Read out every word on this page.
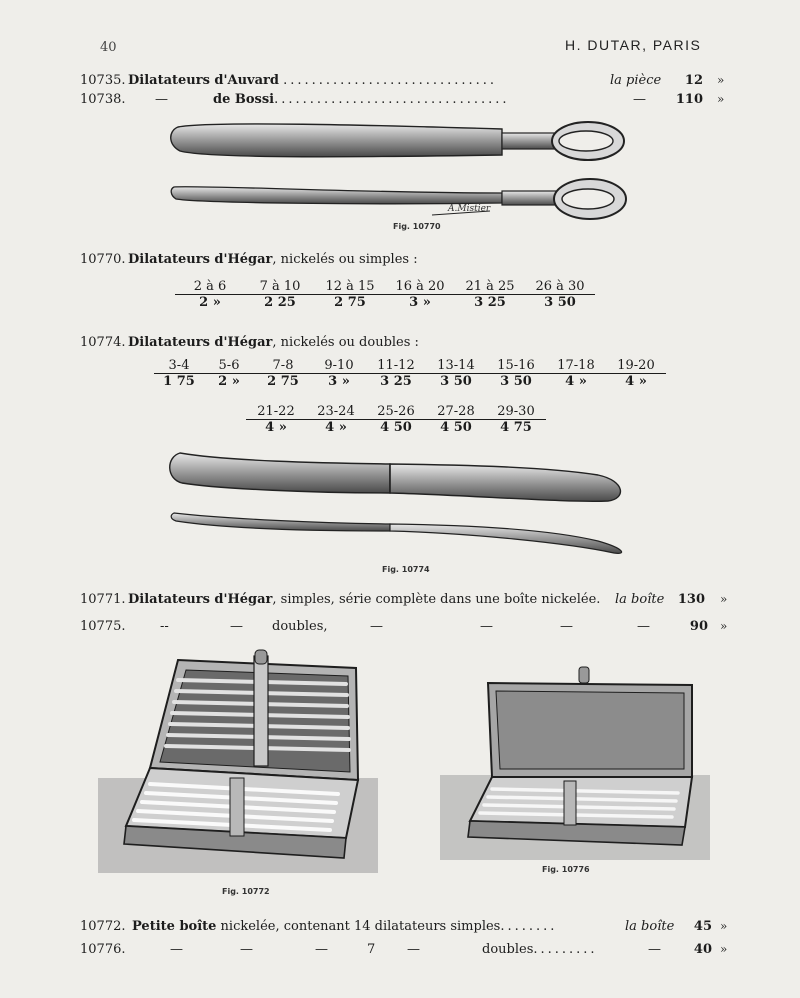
40	H. DUTAR, PARIS
10735. Dilatateurs d'Auvard ..............................	la pièce	12 »
10738. —	de Bossi.................................	—	110 »
A.Mistier
Fig. 10770
10770. Dilatateurs d'Hégar, nickelés ou simples :
2 à 6	7 à 10	12 à 15	16 à 20	21 à 25	26 à 30
2 »	2 25	2 75	3 »	3 25	3 50
10774. Dilatateurs d'Hégar, nickelés ou doubles :
3-4	5-6	7-8	9-10	11-12	13-14	15-16	17-18	19-20
1 75	2 »	2 75	3 »	3 25	3 50	3 50	4 »	4 »
21-22	23-24	25-26	27-28	29-30
4 »	4 »	4 50	4 50	4 75
Fig. 10774
10771. Dilatateurs d'Hégar, simples, série complète dans une boîte nickelée. la boîte	130 »
10775.	--	— doubles,	—	—	—	—	90 »
Fig. 10772
Fig. 10776
10772. Petite boîte nickelée, contenant 14 dilatateurs simples........	la boîte	45 »
10776.	—	—	—	7 —	doubles.........	—	40 »
